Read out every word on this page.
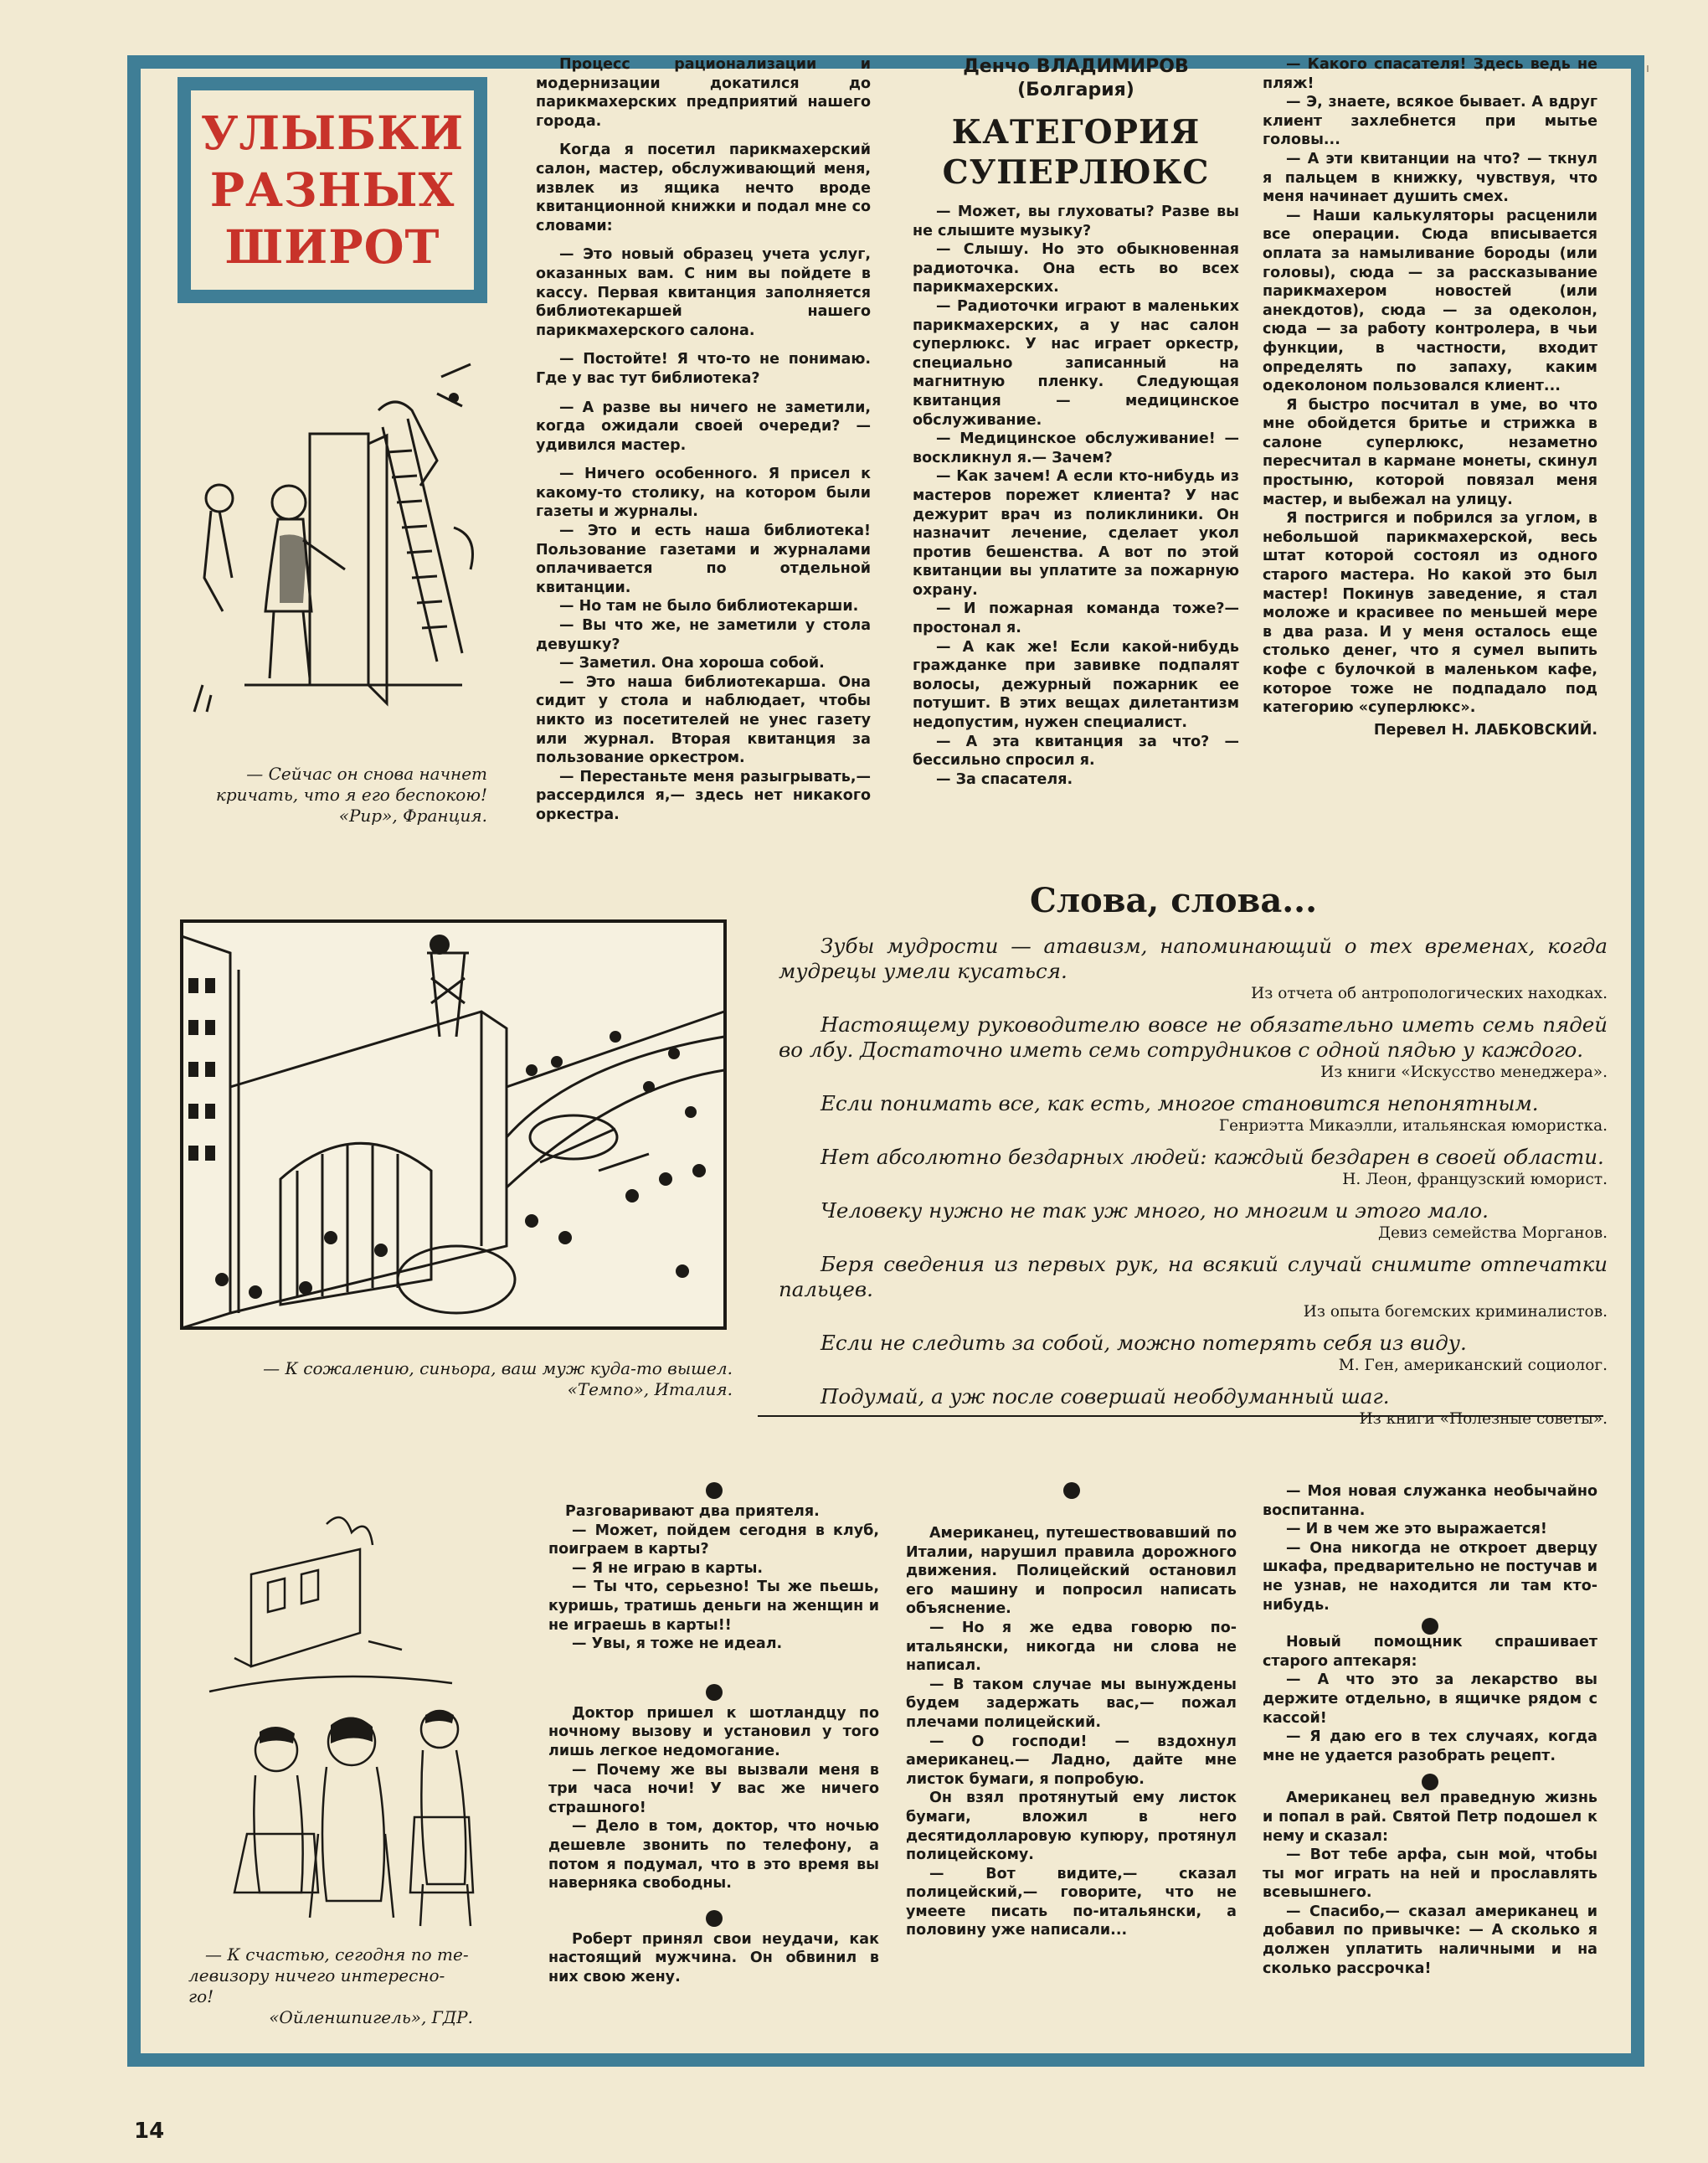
ı
УЛЫБКИ
РАЗНЫХ
ШИРОТ
— Сейчас он снова начнет
кричать, что я его беспокою!
«Рир», Франция.

Процесс рационализации и модернизации докатился до парикмахерских предприятий нашего города.

Когда я посетил парикмахерский салон, мастер, обслуживающий меня, извлек из ящика нечто вроде квитанционной книжки и подал мне со словами:

— Это новый образец учета услуг, оказанных вам. С ним вы пойдете в кассу. Первая квитанция заполняется библиотекаршей нашего парикмахерского салона.

— Постойте! Я что-то не понимаю. Где у вас тут библиотека?

— А разве вы ничего не заметили, когда ожидали своей очереди? — удивился мастер.

— Ничего особенного. Я присел к какому-то столику, на котором были газеты и журналы.

— Это и есть наша библиотека! Пользование газетами и журналами оплачивается по отдельной квитанции.

— Но там не было библиотекарши.

— Вы что же, не заметили у стола девушку?

— Заметил. Она хороша собой.

— Это наша библиотекарша. Она сидит у стола и наблюдает, чтобы никто из посетителей не унес газету или журнал. Вторая квитанция за пользование оркестром.

— Перестаньте меня разыгрывать,— рассердился я,— здесь нет никакого оркестра.

Денчо ВЛАДИМИРОВ
(Болгария)
КАТЕГОРИЯ
СУПЕРЛЮКС

— Может, вы глуховаты? Разве вы не слышите музыку?

— Слышу. Но это обыкновенная радиоточка. Она есть во всех парикмахерских.

— Радиоточки играют в маленьких парикмахерских, а у нас салон суперлюкс. У нас играет оркестр, специально записанный на магнитную пленку. Следующая квитанция — медицинское обслуживание.

— Медицинское обслуживание! — воскликнул я.— Зачем?

— Как зачем! А если кто-нибудь из мастеров порежет клиента? У нас дежурит врач из поликлиники. Он назначит лечение, сделает укол против бешенства. А вот по этой квитанции вы уплатите за пожарную охрану.

— И пожарная команда тоже?— простонал я.

— А как же! Если какой-нибудь гражданке при завивке подпалят волосы, дежурный пожарник ее потушит. В этих вещах дилетантизм недопустим, нужен специалист.

— А эта квитанция за что? — бессильно спросил я.

— За спасателя.

— Какого спасателя! Здесь ведь не пляж!

— Э, знаете, всякое бывает. А вдруг клиент захлебнется при мытье головы...

— А эти квитанции на что? — ткнул я пальцем в книжку, чувствуя, что меня начинает душить смех.

— Наши калькуляторы расценили все операции. Сюда вписывается оплата за намыливание бороды (или головы), сюда — за рассказывание парикмахером новостей (или анекдотов), сюда — за одеколон, сюда — за работу контролера, в чьи функции, в частности, входит определять по запаху, каким одеколоном пользовался клиент...

Я быстро посчитал в уме, во что мне обойдется бритье и стрижка в салоне суперлюкс, незаметно пересчитал в кармане монеты, скинул простыню, которой повязал меня мастер, и выбежал на улицу.

Я постригся и побрился за углом, в небольшой парикмахерской, весь штат которой состоял из одного старого мастера. Но какой это был мастер! Покинув заведение, я стал моложе и красивее по меньшей мере в два раза. И у меня осталось еще столько денег, что я сумел выпить кофе с булочкой в маленьком кафе, которое тоже не подпадало под категорию «суперлюкс».

Перевел Н. ЛАБКОВСКИЙ.
— К сожалению, синьора, ваш муж куда-то вышел.
«Темпо», Италия.
Слова, слова...

Зубы мудрости — атавизм, напоминающий о тех временах, когда мудрецы умели кусаться.

Из отчета об антропологических находках.

Настоящему руководителю вовсе не обязательно иметь семь пядей во лбу. Достаточно иметь семь сотрудников с одной пядью у каждого.

Из книги «Искусство менеджера».

Если понимать все, как есть, многое становится непонятным.

Генриэтта Микаэлли, итальянская юмористка.

Нет абсолютно бездарных людей: каждый бездарен в своей области.

Н. Леон, французский юморист.

Человеку нужно не так уж много, но многим и этого мало.

Девиз семейства Морганов.

Беря сведения из первых рук, на всякий случай снимите отпечатки пальцев.

Из опыта богемских криминалистов.

Если не следить за собой, можно потерять себя из виду.

М. Ген, американский социолог.

Подумай, а уж после совершай необдуманный шаг.

Из книги «Полезные советы».

— К счастью, сегодня по те-
левизору ничего интересно-
го!
«Ойленшпигель», ГДР.

Разговаривают два приятеля.

— Может, пойдем сегодня в клуб, поиграем в карты?

— Я не играю в карты.

— Ты что, серьезно! Ты же пьешь, куришь, тратишь деньги на женщин и не играешь в карты!!

— Увы, я тоже не идеал.

Доктор пришел к шотландцу по ночному вызову и установил у того лишь легкое недомогание.

— Почему же вы вызвали меня в три часа ночи! У вас же ничего страшного!

— Дело в том, доктор, что ночью дешевле звонить по телефону, а потом я подумал, что в это время вы наверняка свободны.

Роберт принял свои неудачи, как настоящий мужчина. Он обвинил в них свою жену.

Американец, путешествовавший по Италии, нарушил правила дорожного движения. Полицейский остановил его машину и попросил написать объяснение.

— Но я же едва говорю по-итальянски, никогда ни слова не написал.

— В таком случае мы вынуждены будем задержать вас,— пожал плечами полицейский.

— О господи! — вздохнул американец.— Ладно, дайте мне листок бумаги, я попробую.

Он взял протянутый ему листок бумаги, вложил в него десятидолларовую купюру, протянул полицейскому.

— Вот видите,— сказал полицейский,— говорите, что не умеете писать по-итальянски, а половину уже написали...

— Моя новая служанка необычайно воспитанна.

— И в чем же это выражается!

— Она никогда не откроет дверцу шкафа, предварительно не постучав и не узнав, не находится ли там кто-нибудь.

Новый помощник спрашивает старого аптекаря:

— А что это за лекарство вы держите отдельно, в ящичке рядом с кассой!

— Я даю его в тех случаях, когда мне не удается разобрать рецепт.

Американец вел праведную жизнь и попал в рай. Святой Петр подошел к нему и сказал:

— Вот тебе арфа, сын мой, чтобы ты мог играть на ней и прославлять всевышнего.

— Спасибо,— сказал американец и добавил по привычке: — А сколько я должен уплатить наличными и на сколько рассрочка!

14
